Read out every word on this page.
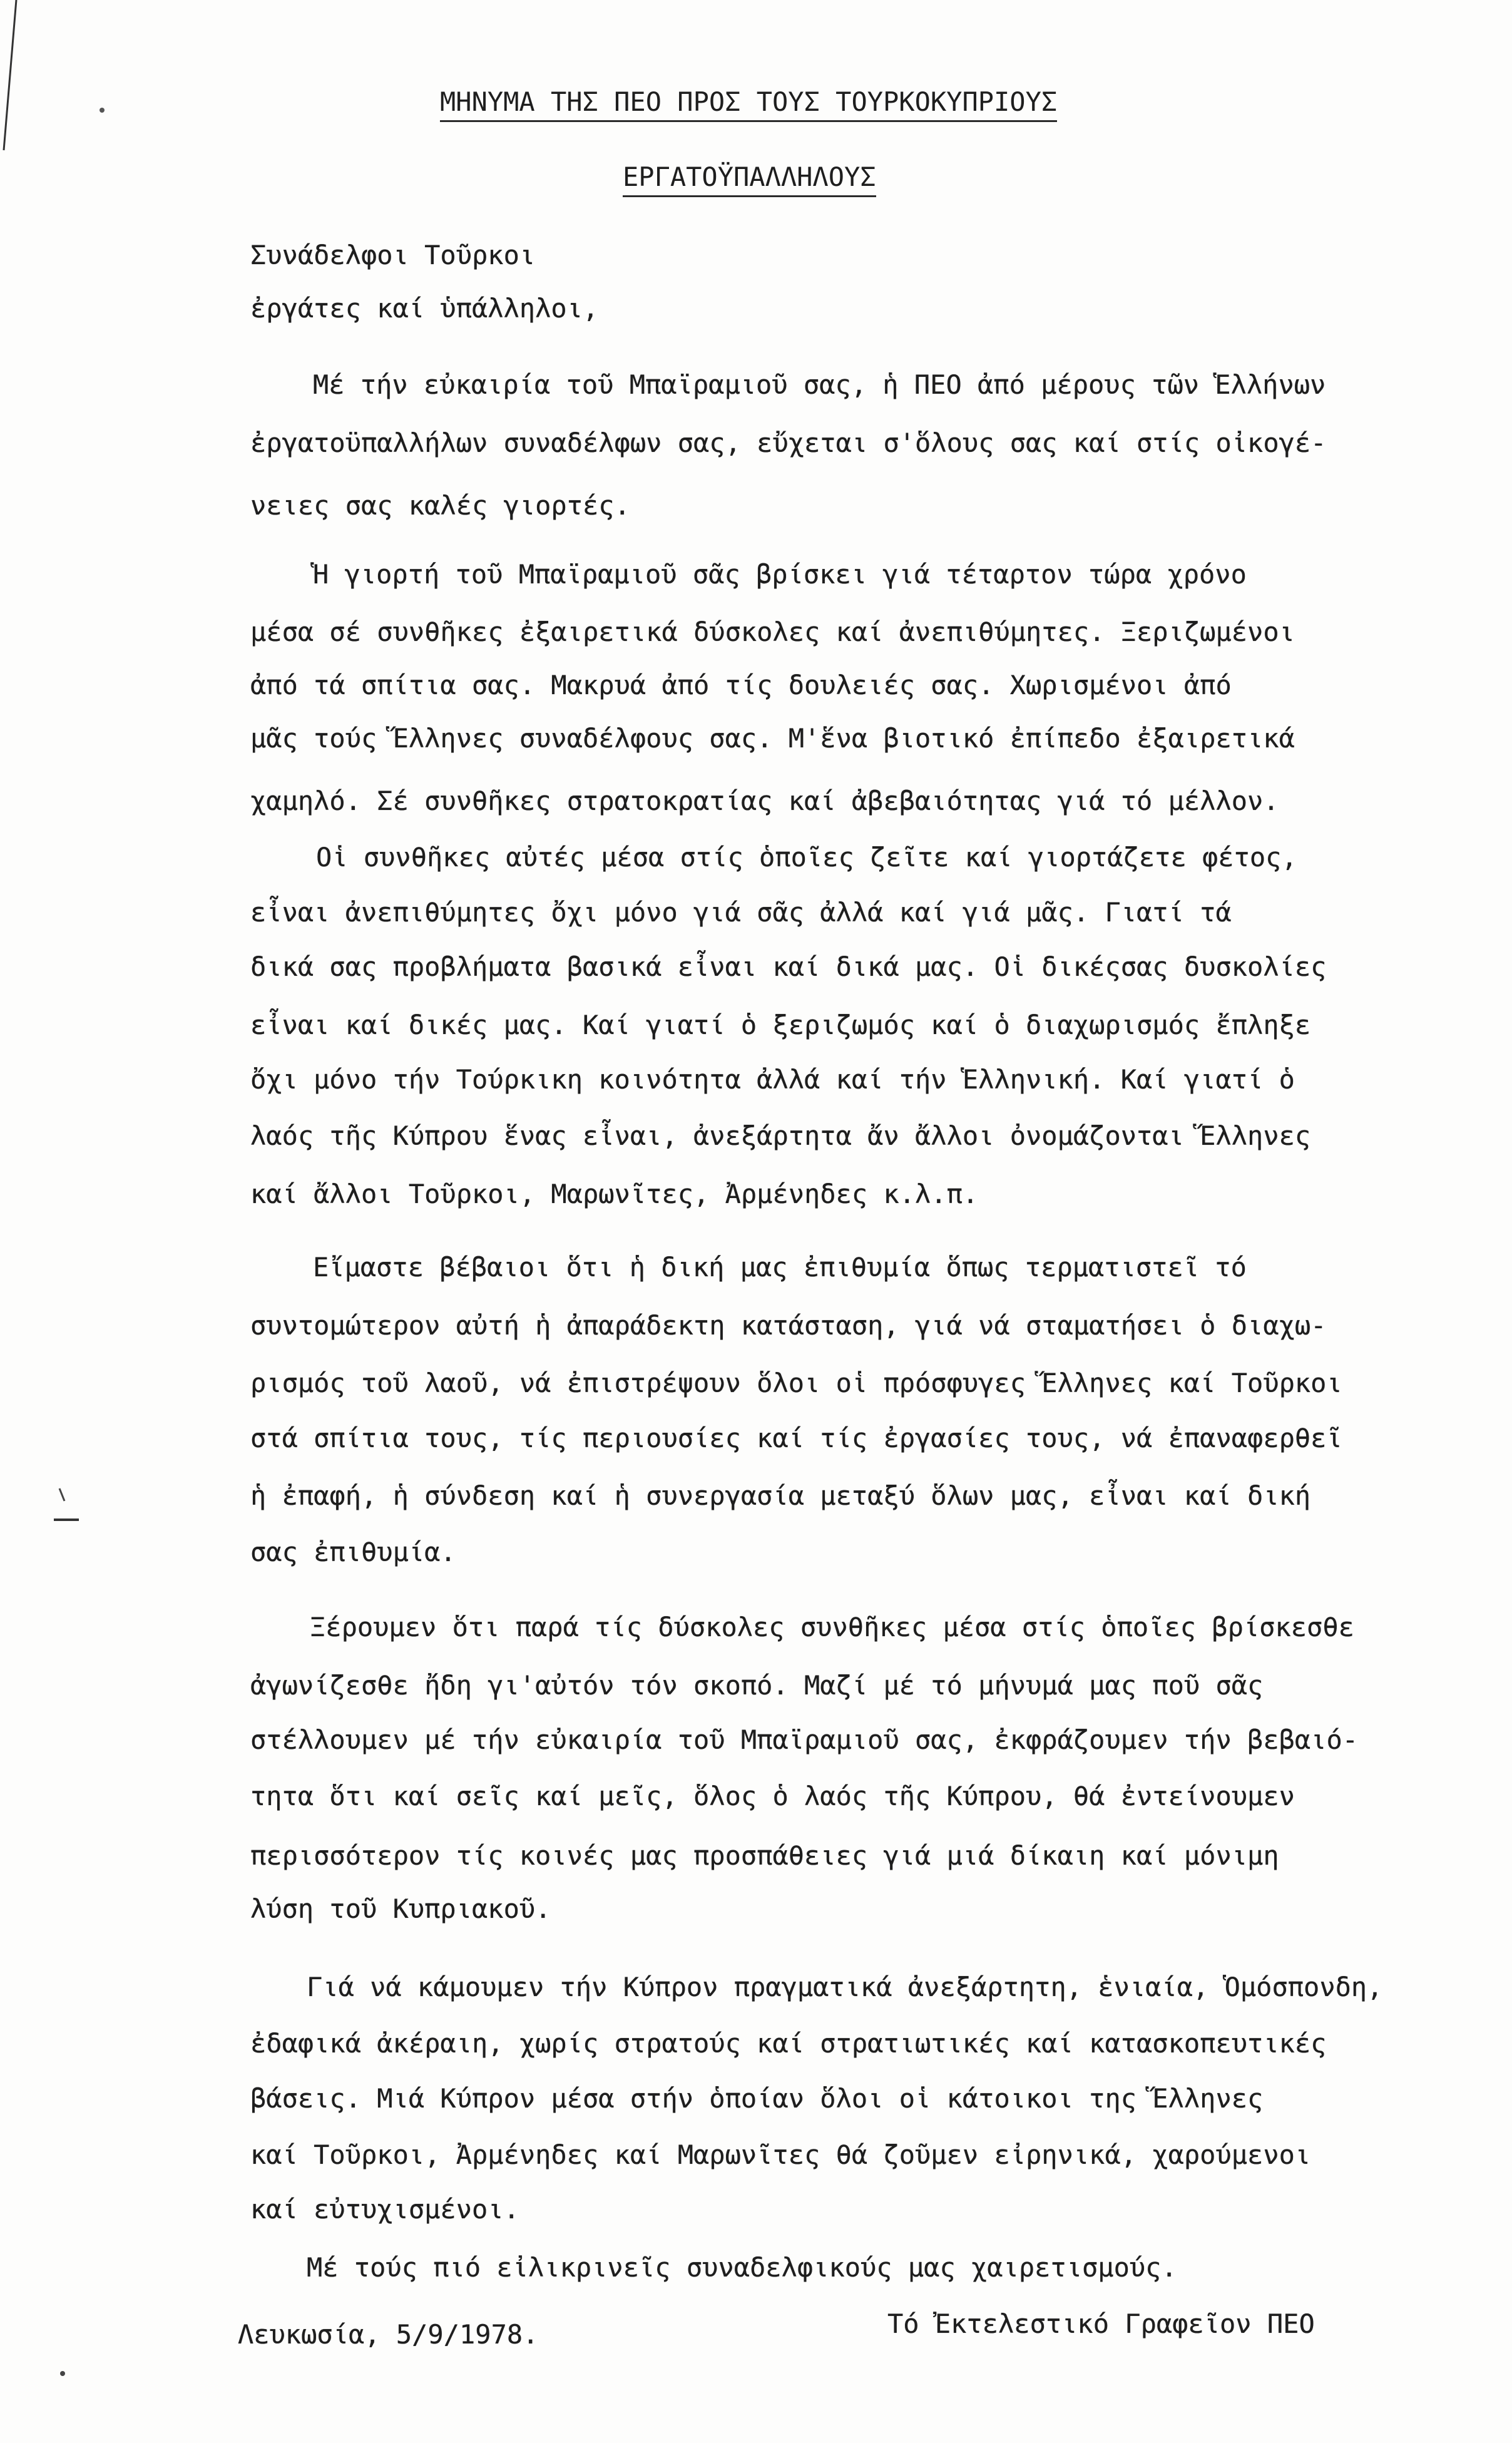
ΜΗΝΥΜΑ ΤΗΣ ΠΕΟ ΠΡΟΣ ΤΟΥΣ ΤΟΥΡΚΟΚΥΠΡΙΟΥΣ
ΕΡΓΑΤΟΫΠΑΛΛΗΛΟΥΣ
Συνάδελφοι Τοῦρκοι
ἐργάτες καί ὑπάλληλοι,
Μέ τήν εὐκαιρία τοῦ Μπαϊραμιοῦ σας, ἡ ΠΕΟ ἀπό μέρους τῶν Ἑλλήνων
ἐργατοϋπαλλήλων συναδέλφων σας, εὔχεται σ'ὅλους σας καί στίς οἰκογέ-
νειες σας καλές γιορτές.
Ἡ γιορτή τοῦ Μπαϊραμιοῦ σᾶς βρίσκει γιά τέταρτον τώρα χρόνο
μέσα σέ συνθῆκες ἐξαιρετικά δύσκολες καί ἀνεπιθύμητες. Ξεριζωμένοι
ἀπό τά σπίτια σας. Μακρυά ἀπό τίς δουλειές σας. Χωρισμένοι ἀπό
μᾶς τούς Ἕλληνες συναδέλφους σας. Μ'ἕνα βιοτικό ἐπίπεδο ἐξαιρετικά
χαμηλό. Σέ συνθῆκες στρατοκρατίας καί ἀβεβαιότητας γιά τό μέλλον.
Οἱ συνθῆκες αὐτές μέσα στίς ὁποῖες ζεῖτε καί γιορτάζετε φέτος,
εἶναι ἀνεπιθύμητες ὄχι μόνο γιά σᾶς ἀλλά καί γιά μᾶς. Γιατί τά
δικά σας προβλήματα βασικά εἶναι καί δικά μας. Οἱ δικέςσας δυσκολίες
εἶναι καί δικές μας. Καί γιατί ὁ ξεριζωμός καί ὁ διαχωρισμός ἔπληξε
ὄχι μόνο τήν Τούρκικη κοινότητα ἀλλά καί τήν Ἑλληνική. Καί γιατί ὁ
λαός τῆς Κύπρου ἕνας εἶναι, ἀνεξάρτητα ἄν ἄλλοι ὀνομάζονται Ἕλληνες
καί ἄλλοι Τοῦρκοι, Μαρωνῖτες, Ἀρμένηδες κ.λ.π.
Εἴμαστε βέβαιοι ὅτι ἡ δική μας ἐπιθυμία ὅπως τερματιστεῖ τό
συντομώτερον αὐτή ἡ ἀπαράδεκτη κατάσταση, γιά νά σταματήσει ὁ διαχω-
ρισμός τοῦ λαοῦ, νά ἐπιστρέψουν ὅλοι οἱ πρόσφυγες Ἕλληνες καί Τοῦρκοι
στά σπίτια τους, τίς περιουσίες καί τίς ἐργασίες τους, νά ἐπαναφερθεῖ
ἡ ἐπαφή, ἡ σύνδεση καί ἡ συνεργασία μεταξύ ὅλων μας, εἶναι καί δική
σας ἐπιθυμία.
Ξέρουμεν ὅτι παρά τίς δύσκολες συνθῆκες μέσα στίς ὁποῖες βρίσκεσθε
ἀγωνίζεσθε ἤδη γι'αὐτόν τόν σκοπό. Μαζί μέ τό μήνυμά μας ποῦ σᾶς
στέλλουμεν μέ τήν εὐκαιρία τοῦ Μπαϊραμιοῦ σας, ἐκφράζουμεν τήν βεβαιό-
τητα ὅτι καί σεῖς καί μεῖς, ὅλος ὁ λαός τῆς Κύπρου, θά ἐντείνουμεν
περισσότερον τίς κοινές μας προσπάθειες γιά μιά δίκαιη καί μόνιμη
λύση τοῦ Κυπριακοῦ.
Γιά νά κάμουμεν τήν Κύπρον πραγματικά ἀνεξάρτητη, ἑνιαία, Ὁμόσπονδη,
ἐδαφικά ἀκέραιη, χωρίς στρατούς καί στρατιωτικές καί κατασκοπευτικές
βάσεις. Μιά Κύπρον μέσα στήν ὁποίαν ὅλοι οἱ κάτοικοι της Ἕλληνες
καί Τοῦρκοι, Ἀρμένηδες καί Μαρωνῖτες θά ζοῦμεν εἰρηνικά, χαρούμενοι
καί εὐτυχισμένοι.
Μέ τούς πιό εἰλικρινεῖς συναδελφικούς μας χαιρετισμούς.
Λευκωσία, 5/9/1978.	Τό Ἐκτελεστικό Γραφεῖον ΠΕΟ
